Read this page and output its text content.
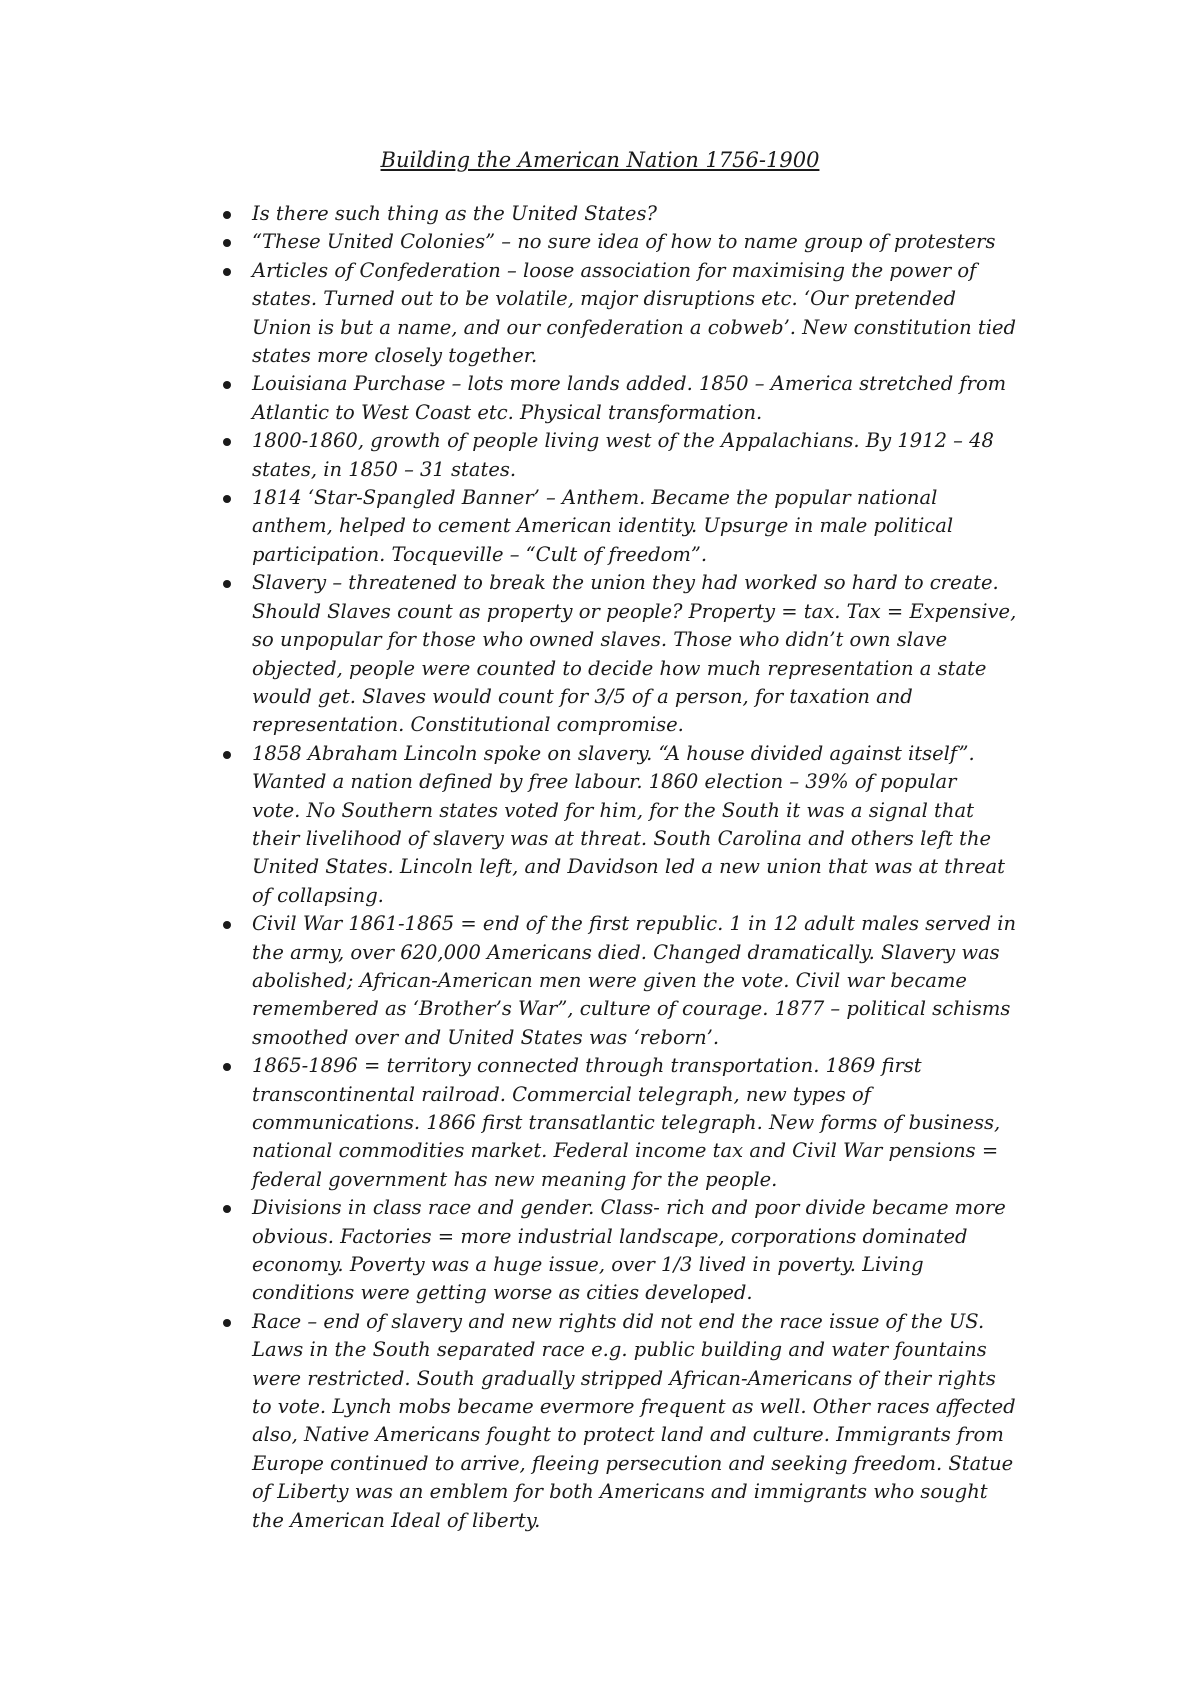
Building the American Nation 1756-1900
Is there such thing as the United States?
“These United Colonies” – no sure idea of how to name group of protesters
Articles of Confederation – loose association for maximising the power of
states. Turned out to be volatile, major disruptions etc. ‘Our pretended
Union is but a name, and our confederation a cobweb’. New constitution tied
states more closely together.
Louisiana Purchase – lots more lands added. 1850 – America stretched from
Atlantic to West Coast etc. Physical transformation.
1800-1860, growth of people living west of the Appalachians. By 1912 – 48
states, in 1850 – 31 states.
1814 ‘Star-Spangled Banner’ – Anthem. Became the popular national
anthem, helped to cement American identity. Upsurge in male political
participation. Tocqueville – “Cult of freedom”.
Slavery – threatened to break the union they had worked so hard to create.
Should Slaves count as property or people? Property = tax. Tax = Expensive,
so unpopular for those who owned slaves. Those who didn’t own slave
objected, people were counted to decide how much representation a state
would get. Slaves would count for 3/5 of a person, for taxation and
representation. Constitutional compromise.
1858 Abraham Lincoln spoke on slavery. “A house divided against itself”.
Wanted a nation defined by free labour. 1860 election – 39% of popular
vote. No Southern states voted for him, for the South it was a signal that
their livelihood of slavery was at threat. South Carolina and others left the
United States. Lincoln left, and Davidson led a new union that was at threat
of collapsing.
Civil War 1861-1865 = end of the first republic. 1 in 12 adult males served in
the army, over 620,000 Americans died. Changed dramatically. Slavery was
abolished; African-American men were given the vote. Civil war became
remembered as ‘Brother’s War”, culture of courage. 1877 – political schisms
smoothed over and United States was ‘reborn’.
1865-1896 = territory connected through transportation. 1869 first
transcontinental railroad. Commercial telegraph, new types of
communications. 1866 first transatlantic telegraph. New forms of business,
national commodities market. Federal income tax and Civil War pensions =
federal government has new meaning for the people.
Divisions in class race and gender. Class- rich and poor divide became more
obvious. Factories = more industrial landscape, corporations dominated
economy. Poverty was a huge issue, over 1/3 lived in poverty. Living
conditions were getting worse as cities developed.
Race – end of slavery and new rights did not end the race issue of the US.
Laws in the South separated race e.g. public building and water fountains
were restricted. South gradually stripped African-Americans of their rights
to vote. Lynch mobs became evermore frequent as well. Other races affected
also, Native Americans fought to protect land and culture. Immigrants from
Europe continued to arrive, fleeing persecution and seeking freedom. Statue
of Liberty was an emblem for both Americans and immigrants who sought
the American Ideal of liberty.
